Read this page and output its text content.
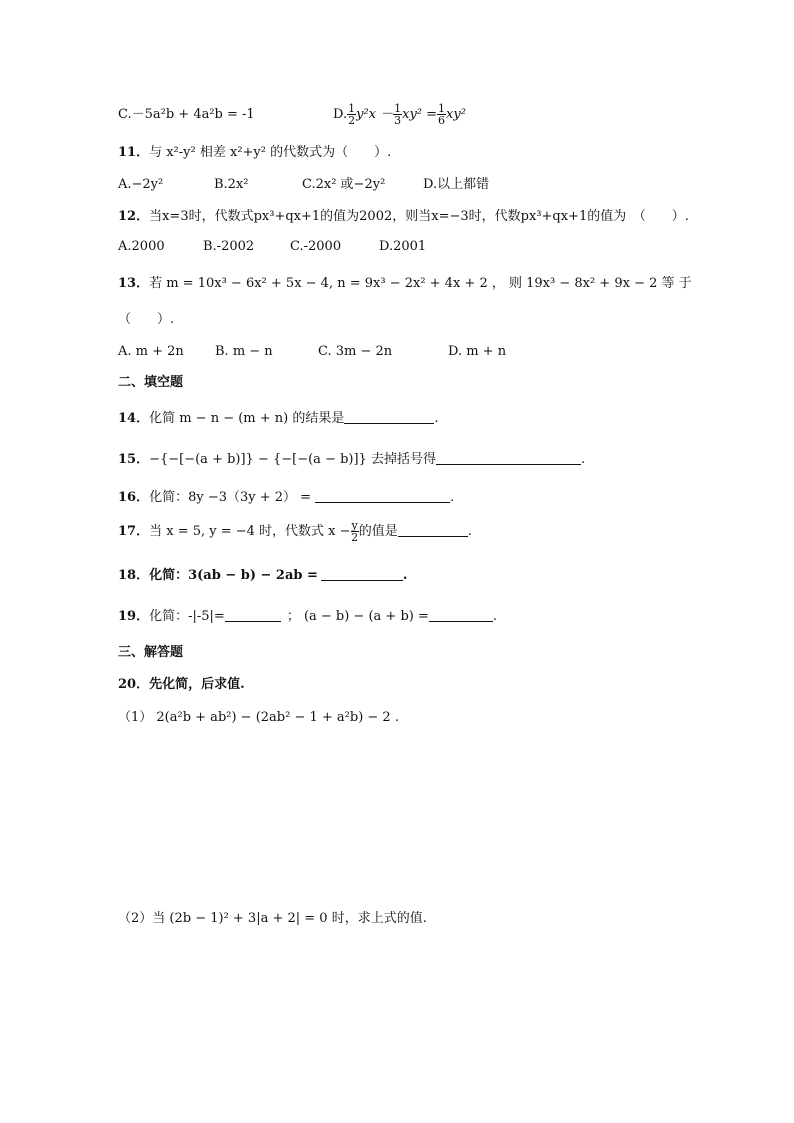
C.－5a²b + 4a²b = -1	D. $\frac{1}{2} y^2x - \frac{1}{3} xy^2 = \frac{1}{6} xy^2$
11．与 x²-y² 相差 x²+y² 的代数式为（　　）.
A.−2y²	B.2x²	C.2x² 或−2y²	D.以上都错
12．当x=3时，代数式px³+qx+1的值为2002，则当x=−3时，代数px³+qx+1的值为　（　　）.
A.2000	B.-2002	C.-2000	D.2001
13．若 m = 10x³ − 6x² + 5x − 4, n = 9x³ − 2x² + 4x + 2 ， 则 19x³ − 8x² + 9x − 2 等 于
（　　）.
A. m + 2n B. m − n	C. 3m − 2n	D. m + n
二、填空题
14．化简 m − n − (m + n) 的结果是	.
15．−{−[−(a + b)]} − {−[−(a − b)]} 去掉括号得	.
16．化简：8y −3（3y + 2） =	.
17．当 x = 5, y = −4 时，代数式 $x - \frac{y}{2}$ 的值是	.
18．化简：3(ab − b) − 2ab =	.
19．化简：-|-5|=	； (a − b) − (a + b) =	.
三、解答题
20．先化简，后求值.
（1） 2(a²b + ab²) − (2ab² − 1 + a²b) − 2 .
（2）当 (2b − 1)² + 3|a + 2| = 0 时，求上式的值.
